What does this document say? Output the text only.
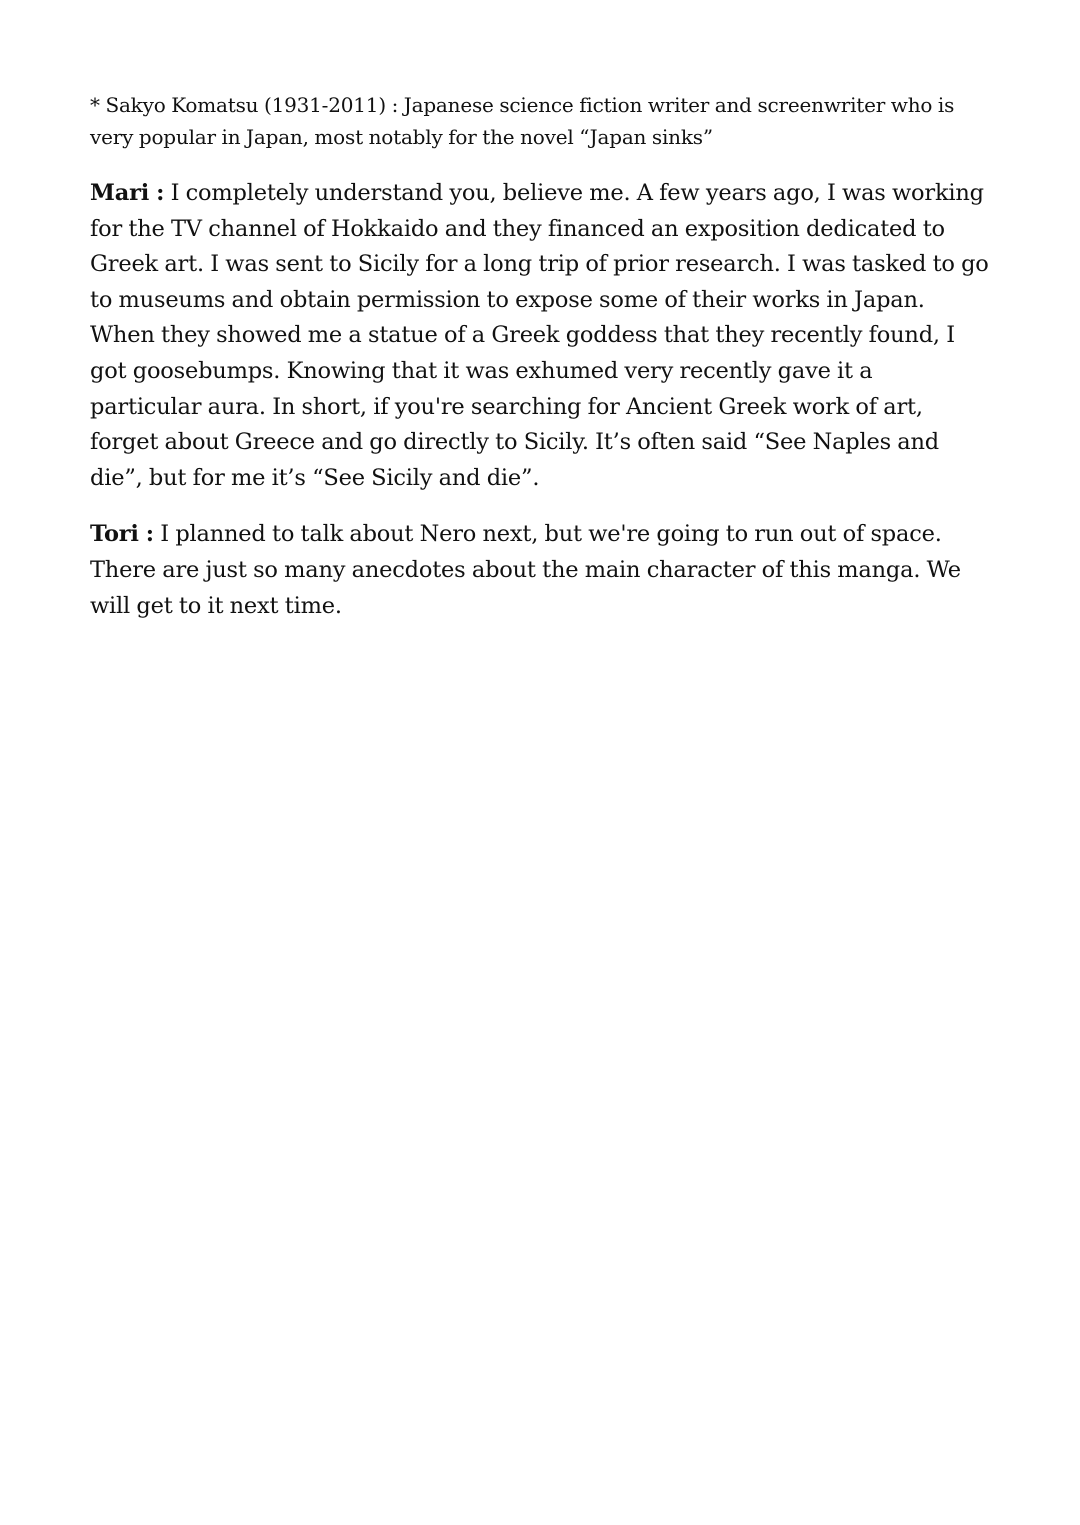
* Sakyo Komatsu (1931-2011) : Japanese science fiction writer and screenwriter who is very popular in Japan, most notably for the novel “Japan sinks”

Mari : I completely understand you, believe me. A few years ago, I was working for the TV channel of Hokkaido and they financed an exposition dedicated to Greek art. I was sent to Sicily for a long trip of prior research. I was tasked to go to museums and obtain permission to expose some of their works in Japan. When they showed me a statue of a Greek goddess that they recently found, I got goosebumps. Knowing that it was exhumed very recently gave it a particular aura. In short, if you're searching for Ancient Greek work of art, forget about Greece and go directly to Sicily. It’s often said “See Naples and die”, but for me it’s “See Sicily and die”.

Tori : I planned to talk about Nero next, but we're going to run out of space. There are just so many anecdotes about the main character of this manga. We will get to it next time.
